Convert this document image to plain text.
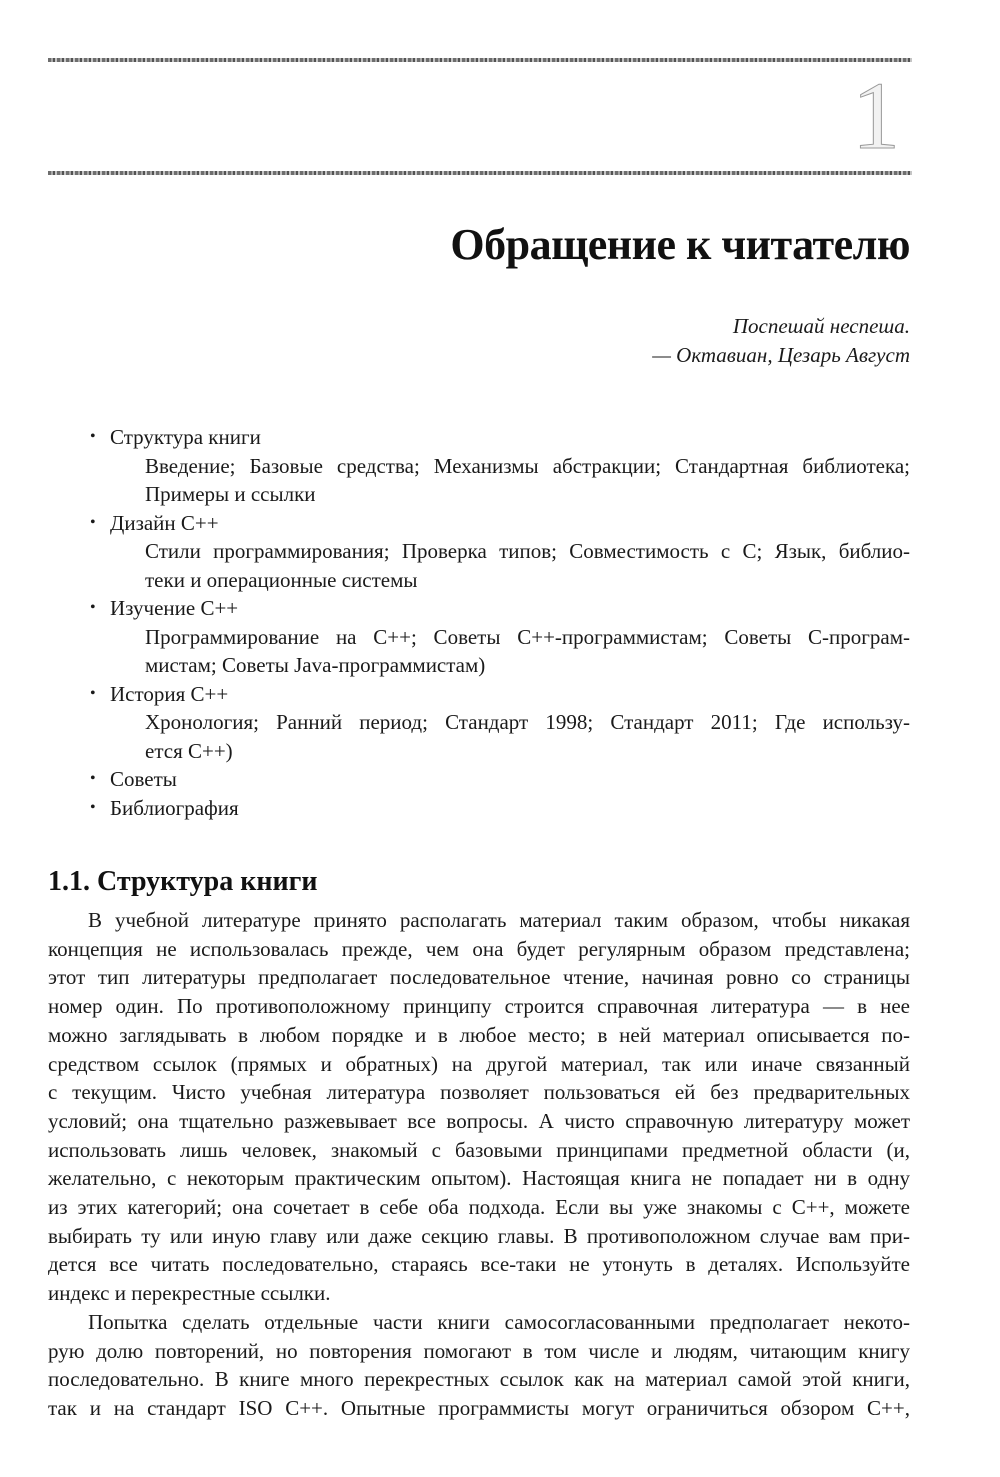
1
Обращение к читателю
Поспешай неспеша.
— Октавиан, Цезарь Август
• Структура книги
Введение; Базовые средства; Механизмы абстракции; Стандартная библиотека;
Примеры и ссылки
• Дизайн C++
Стили программирования; Проверка типов; Совместимость с C; Язык, библио-
теки и операционные системы
• Изучение C++
Программирование на C++; Советы C++-программистам; Советы C-програм-
мистам; Советы Java-программистам)
• История C++
Хронология; Ранний период; Стандарт 1998; Стандарт 2011; Где использу-
ется C++)
• Советы
• Библиография
1.1. Структура книги
В учебной литературе принято располагать материал таким образом, чтобы никакая
концепция не использовалась прежде, чем она будет регулярным образом представлена;
этот тип литературы предполагает последовательное чтение, начиная ровно со страницы
номер один. По противоположному принципу строится справочная литература — в нее
можно заглядывать в любом порядке и в любое место; в ней материал описывается по-
средством ссылок (прямых и обратных) на другой материал, так или иначе связанный
с текущим. Чисто учебная литература позволяет пользоваться ей без предварительных
условий; она тщательно разжевывает все вопросы. А чисто справочную литературу может
использовать лишь человек, знакомый с базовыми принципами предметной области (и,
желательно, с некоторым практическим опытом). Настоящая книга не попадает ни в одну
из этих категорий; она сочетает в себе оба подхода. Если вы уже знакомы с C++, можете
выбирать ту или иную главу или даже секцию главы. В противоположном случае вам при-
дется все читать последовательно, стараясь все-таки не утонуть в деталях. Используйте
индекс и перекрестные ссылки.
Попытка сделать отдельные части книги самосогласованными предполагает некото-
рую долю повторений, но повторения помогают в том числе и людям, читающим книгу
последовательно. В книге много перекрестных ссылок как на материал самой этой книги,
так и на стандарт ISO C++. Опытные программисты могут ограничиться обзором C++,
